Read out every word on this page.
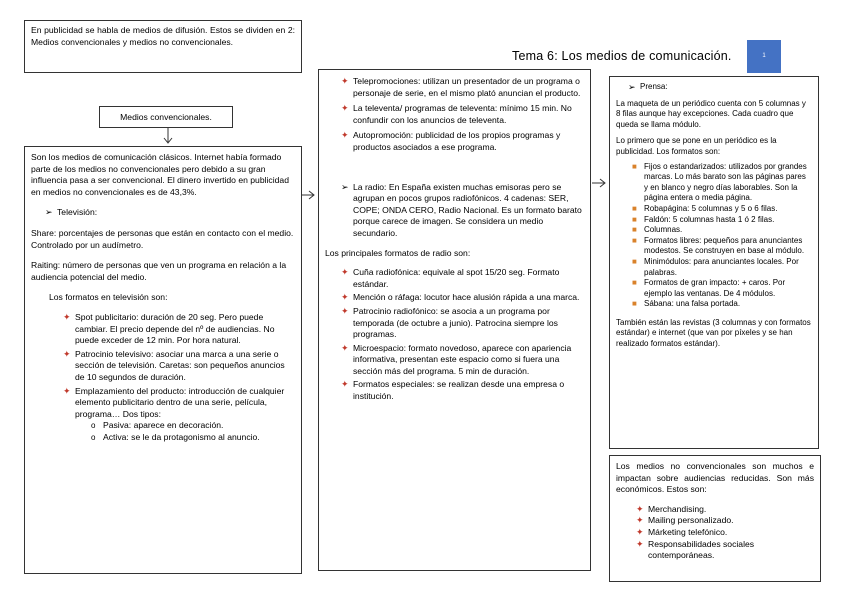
En publicidad se habla de medios de difusión. Estos se dividen en 2: Medios convencionales y medios no convencionales.

Tema 6: Los medios de comunicación.	1
Medios convencionales.

Son los medios de comunicación clásicos. Internet había formado parte de los medios no convencionales pero debido a su gran influencia pasa a ser convencional. El dinero invertido en publicidad en medios no convencionales es de 43,3%.

➢ Televisión:

Share: porcentajes de personas que están en contacto con el medio. Controlado por un audímetro.

Raiting: número de personas que ven un programa en relación a la audiencia potencial del medio.

Los formatos en televisión son:

✦ Spot publicitario: duración de 20 seg. Pero puede cambiar. El precio depende del nº de audiencias. No puede exceder de 12 min. Por hora natural.
✦ Patrocinio televisivo: asociar una marca a una serie o sección de televisión. Caretas: son pequeños anuncios de 10 segundos de duración.
✦ Emplazamiento del producto: introducción de cualquier elemento publicitario dentro de una serie, película, programa… Dos tipos:
o Pasiva: aparece en decoración.
o Activa: se le da protagonismo al anuncio.
✦ Telepromociones: utilizan un presentador de un programa o personaje de serie, en el mismo plató anuncian el producto.
✦ La televenta/ programas de televenta: mínimo 15 min. No confundir con los anuncios de televenta.
✦ Autopromoción: publicidad de los propios programas y productos asociados a ese programa.
➢ La radio: En España existen muchas emisoras pero se agrupan en pocos grupos radiofónicos. 4 cadenas: SER, COPE; ONDA CERO, Radio Nacional. Es un formato barato porque carece de imagen. Se considera un medio secundario.

Los principales formatos de radio son:

✦ Cuña radiofónica: equivale al spot 15/20 seg. Formato estándar.
✦ Mención o ráfaga: locutor hace alusión rápida a una marca.
✦ Patrocinio radiofónico: se asocia a un programa por temporada (de octubre a junio). Patrocina siempre los programas.
✦ Microespacio: formato novedoso, aparece con apariencia informativa, presentan este espacio como si fuera una sección más del programa. 5 min de duración.
✦ Formatos especiales: se realizan desde una empresa o institución.
➢ Prensa:

La maqueta de un periódico cuenta con 5 columnas y 8 filas aunque hay excepciones. Cada cuadro que queda se llama módulo.

Lo primero que se pone en un periódico es la publicidad. Los formatos son:

■ Fijos o estandarizados: utilizados por grandes marcas. Lo más barato son las páginas pares y en blanco y negro días laborables. Son la página entera o media página.
■ Robapágina: 5 columnas y 5 o 6 filas.
■ Faldón: 5 columnas hasta 1 ó 2 filas.
■ Columnas.
■ Formatos libres: pequeños para anunciantes modestos. Se construyen en base al módulo.
■ Minimódulos: para anunciantes locales. Por palabras.
■ Formatos de gran impacto: + caros. Por ejemplo las ventanas. De 4 módulos.
■ Sábana: una falsa portada.

También están las revistas (3 columnas y con formatos estándar) e internet (que van por píxeles y se han realizado formatos estándar).

Los medios no convencionales son muchos e impactan sobre audiencias reducidas. Son más económicos. Estos son:

✦ Merchandising.
✦ Mailing personalizado.
✦ Márketing telefónico.
✦ Responsabilidades sociales contemporáneas.
